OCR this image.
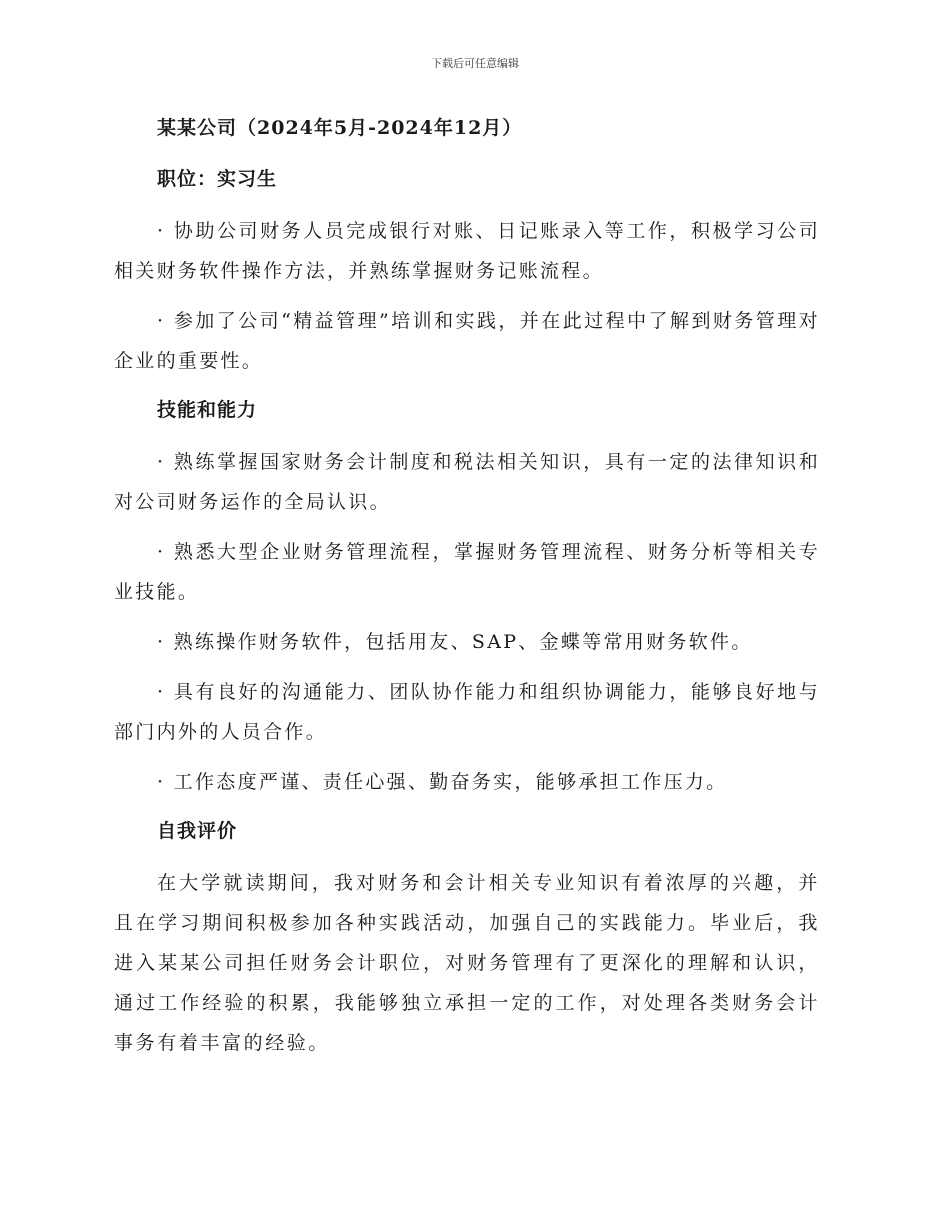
下载后可任意编辑
某某公司（2024年5月-2024年12月）
职位：实习生
· 协助公司财务人员完成银行对账、日记账录入等工作，积极学习公司相关财务软件操作方法，并熟练掌握财务记账流程。
· 参加了公司“精益管理”培训和实践，并在此过程中了解到财务管理对企业的重要性。
技能和能力
· 熟练掌握国家财务会计制度和税法相关知识，具有一定的法律知识和对公司财务运作的全局认识。
· 熟悉大型企业财务管理流程，掌握财务管理流程、财务分析等相关专业技能。
· 熟练操作财务软件，包括用友、SAP、金蝶等常用财务软件。
· 具有良好的沟通能力、团队协作能力和组织协调能力，能够良好地与部门内外的人员合作。
· 工作态度严谨、责任心强、勤奋务实，能够承担工作压力。
自我评价
在大学就读期间，我对财务和会计相关专业知识有着浓厚的兴趣，并且在学习期间积极参加各种实践活动，加强自己的实践能力。毕业后，我进入某某公司担任财务会计职位，对财务管理有了更深化的理解和认识，通过工作经验的积累，我能够独立承担一定的工作，对处理各类财务会计事务有着丰富的经验。
